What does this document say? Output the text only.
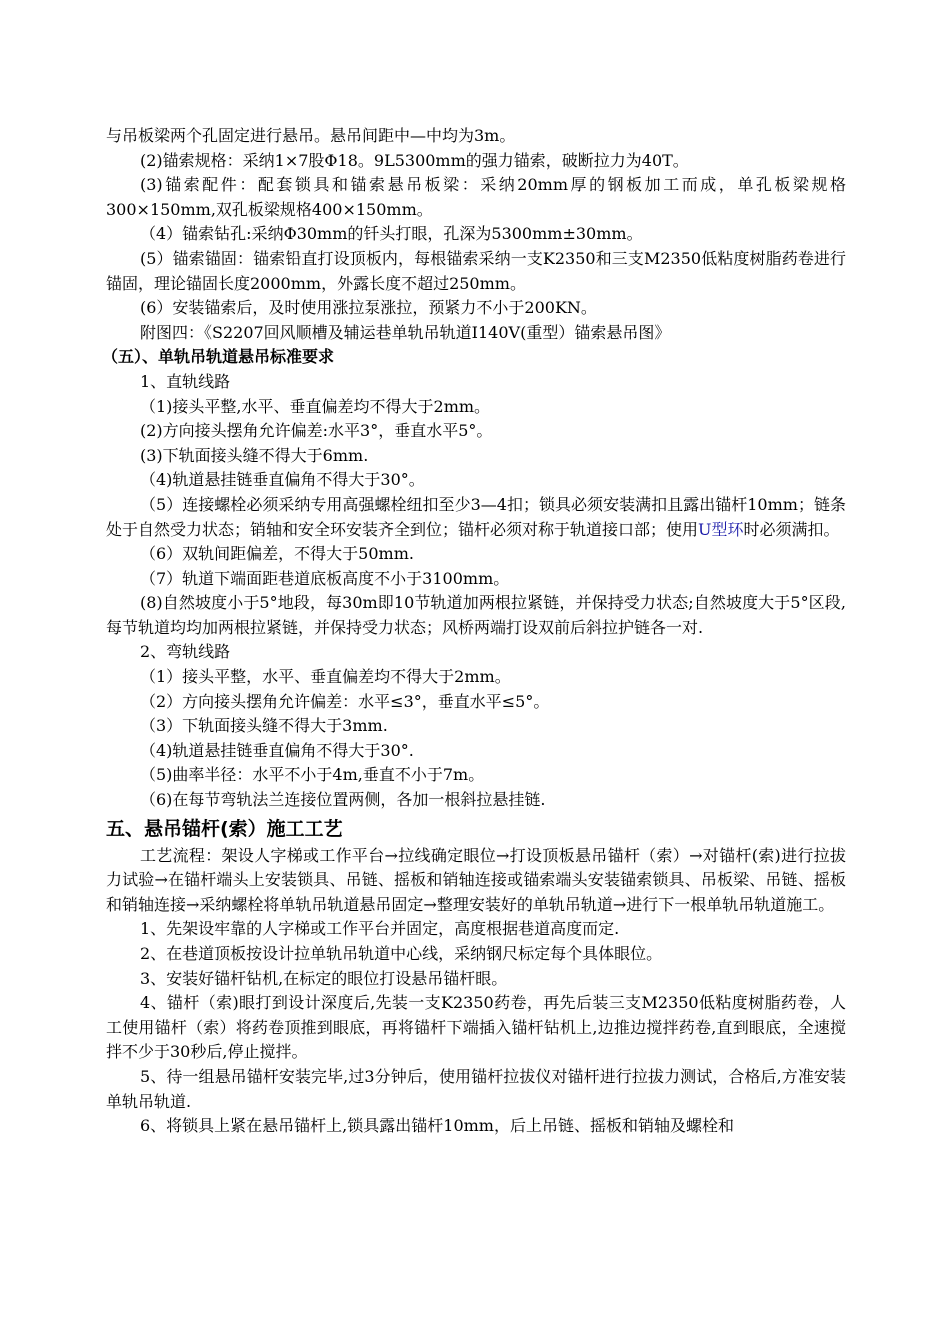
与吊板梁两个孔固定进行悬吊。悬吊间距中—中均为3m。

(2)锚索规格：采纳1×7股Φ18。9L5300mm的强力锚索，破断拉力为40T。

(3)锚索配件：配套锁具和锚索悬吊板梁：采纳20mm厚的钢板加工而成，单孔板梁规格300×150mm,双孔板梁规格400×150mm。

（4）锚索钻孔:采纳Φ30mm的钎头打眼，孔深为5300mm±30mm。

(5）锚索锚固：锚索铅直打设顶板内，每根锚索采纳一支K2350和三支M2350低粘度树脂药卷进行锚固，理论锚固长度2000mm，外露长度不超过250mm。

(6）安装锚索后，及时使用涨拉泵涨拉，预紧力不小于200KN。

附图四：《S2207回风顺槽及辅运巷单轨吊轨道I140V(重型）锚索悬吊图》

（五）、单轨吊轨道悬吊标准要求

1、直轨线路

（1)接头平整,水平、垂直偏差均不得大于2mm。

(2)方向接头摆角允许偏差:水平3°，垂直水平5°。

(3)下轨面接头缝不得大于6mm.

（4)轨道悬挂链垂直偏角不得大于30°。

（5）连接螺栓必须采纳专用高强螺栓纽扣至少3—4扣；锁具必须安装满扣且露出锚杆10mm；链条处于自然受力状态；销轴和安全环安装齐全到位；锚杆必须对称于轨道接口部；使用U型环时必须满扣。

（6）双轨间距偏差，不得大于50mm.

（7）轨道下端面距巷道底板高度不小于3100mm。

(8)自然坡度小于5°地段，每30m即10节轨道加两根拉紧链，并保持受力状态;自然坡度大于5°区段,每节轨道均均加两根拉紧链，并保持受力状态；风桥两端打设双前后斜拉护链各一对.

2、弯轨线路

（1）接头平整，水平、垂直偏差均不得大于2mm。

（2）方向接头摆角允许偏差：水平≤3°，垂直水平≤5°。

（3）下轨面接头缝不得大于3mm.

（4)轨道悬挂链垂直偏角不得大于30°.

（5)曲率半径：水平不小于4m,垂直不小于7m。

（6)在每节弯轨法兰连接位置两侧，各加一根斜拉悬挂链.

五、悬吊锚杆(索）施工工艺

工艺流程：架设人字梯或工作平台→拉线确定眼位→打设顶板悬吊锚杆（索）→对锚杆(索)进行拉拔力试验→在锚杆端头上安装锁具、吊链、摇板和销轴连接或锚索端头安装锚索锁具、吊板梁、吊链、摇板和销轴连接→采纳螺栓将单轨吊轨道悬吊固定→整理安装好的单轨吊轨道→进行下一根单轨吊轨道施工。

1、先架设牢靠的人字梯或工作平台并固定，高度根据巷道高度而定.

2、在巷道顶板按设计拉单轨吊轨道中心线，采纳钢尺标定每个具体眼位。

3、安装好锚杆钻机,在标定的眼位打设悬吊锚杆眼。

4、锚杆（索)眼打到设计深度后,先装一支K2350药卷，再先后装三支M2350低粘度树脂药卷，人工使用锚杆（索）将药卷顶推到眼底，再将锚杆下端插入锚杆钻机上,边推边搅拌药卷,直到眼底，全速搅拌不少于30秒后,停止搅拌。

5、待一组悬吊锚杆安装完毕,过3分钟后，使用锚杆拉拔仪对锚杆进行拉拔力测试，合格后,方准安装单轨吊轨道.

6、将锁具上紧在悬吊锚杆上,锁具露出锚杆10mm，后上吊链、摇板和销轴及螺栓和
